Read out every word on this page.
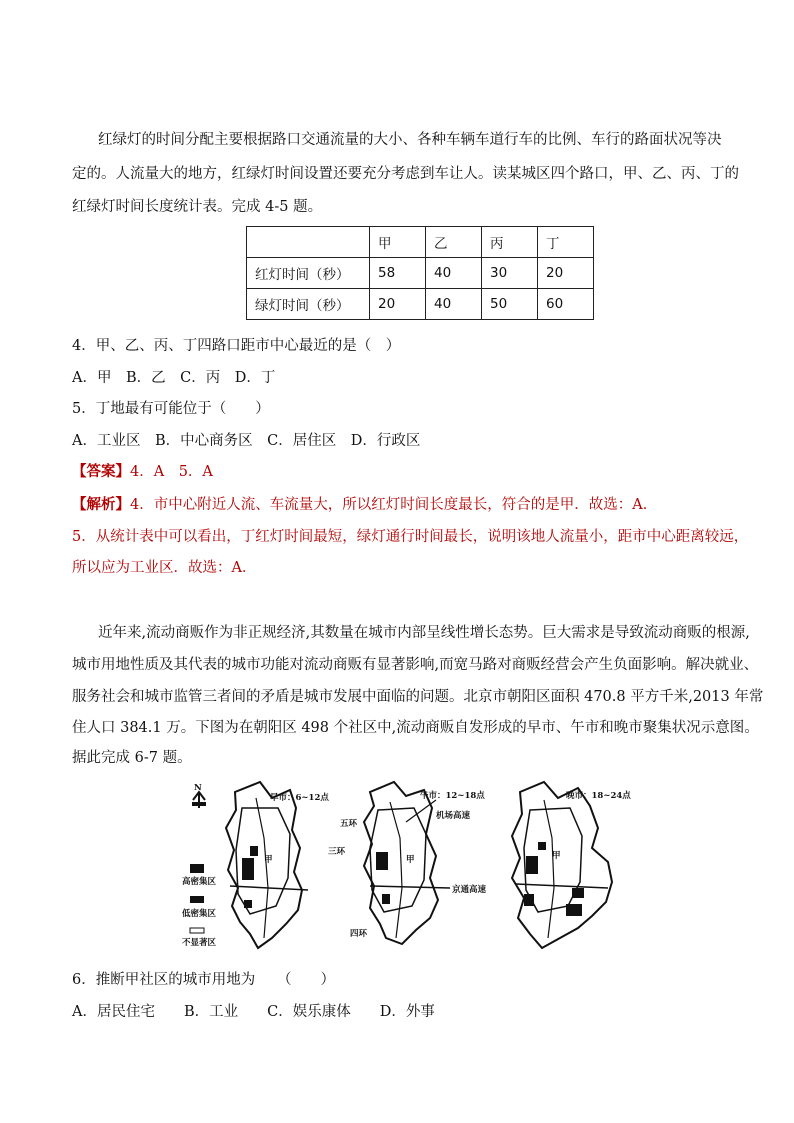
红绿灯的时间分配主要根据路口交通流量的大小、各种车辆车道行车的比例、车行的路面状况等决
定的。人流量大的地方，红绿灯时间设置还要充分考虑到车让人。读某城区四个路口，甲、乙、丙、丁的
红绿灯时间长度统计表。完成 4-5 题。
	甲	乙	丙	丁
红灯时间（秒）	58	40	30	20
绿灯时间（秒）	20	40	50	60
4．甲、乙、丙、丁四路口距市中心最近的是（　）
A．甲　B．乙　C．丙　D．丁
5．丁地最有可能位于（　　）
A．工业区　B．中心商务区　C．居住区　D．行政区
【答案】4．A　5．A
【解析】4．市中心附近人流、车流量大，所以红灯时间长度最长，符合的是甲．故选：A．
5．从统计表中可以看出，丁红灯时间最短，绿灯通行时间最长，说明该地人流量小，距市中心距离较远，
所以应为工业区．故选：A．
近年来,流动商贩作为非正规经济,其数量在城市内部呈线性增长态势。巨大需求是导致流动商贩的根源,
城市用地性质及其代表的城市功能对流动商贩有显著影响,而宽马路对商贩经营会产生负面影响。解决就业、
服务社会和城市监管三者间的矛盾是城市发展中面临的问题。北京市朝阳区面积 470.8 平方千米,2013 年常
住人口 384.1 万。下图为在朝阳区 498 个社区中,流动商贩自发形成的早市、午市和晚市聚集状况示意图。
据此完成 6-7 题。
N
高密集区
低密集区
不显著区
早市：6~12点
甲
午市：12~18点
机场高速
五环
三环
甲
京通高速
四环
晚市：18~24点
甲
6．推断甲社区的城市用地为　　（　　）
A．居民住宅　　B．工业　　C．娱乐康体　　D．外事
